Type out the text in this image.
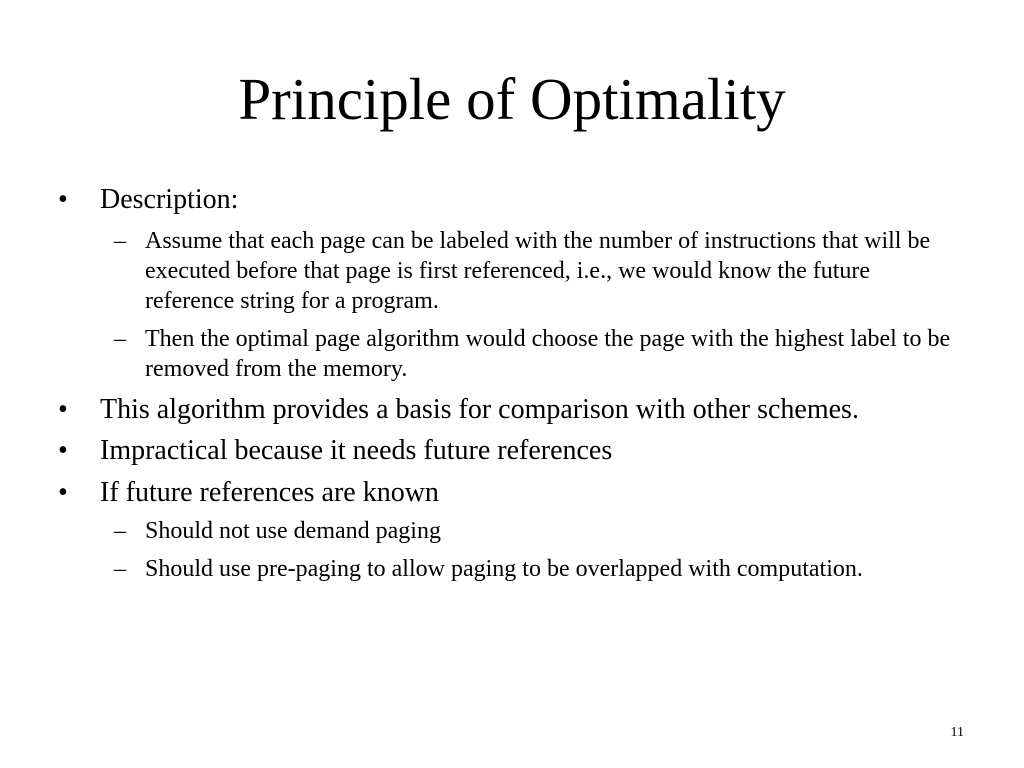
Principle of Optimality
• Description:
– Assume that each page can be labeled with the number of instructions that will be executed before that page is first referenced, i.e., we would know the future reference string for a program.
– Then the optimal page algorithm would choose the page with the highest label to be removed from the memory.
• This algorithm provides a basis for comparison with other schemes.
• Impractical because it needs future references
• If future references are known
– Should not use demand paging
– Should use pre-paging to allow paging to be overlapped with computation.
11
